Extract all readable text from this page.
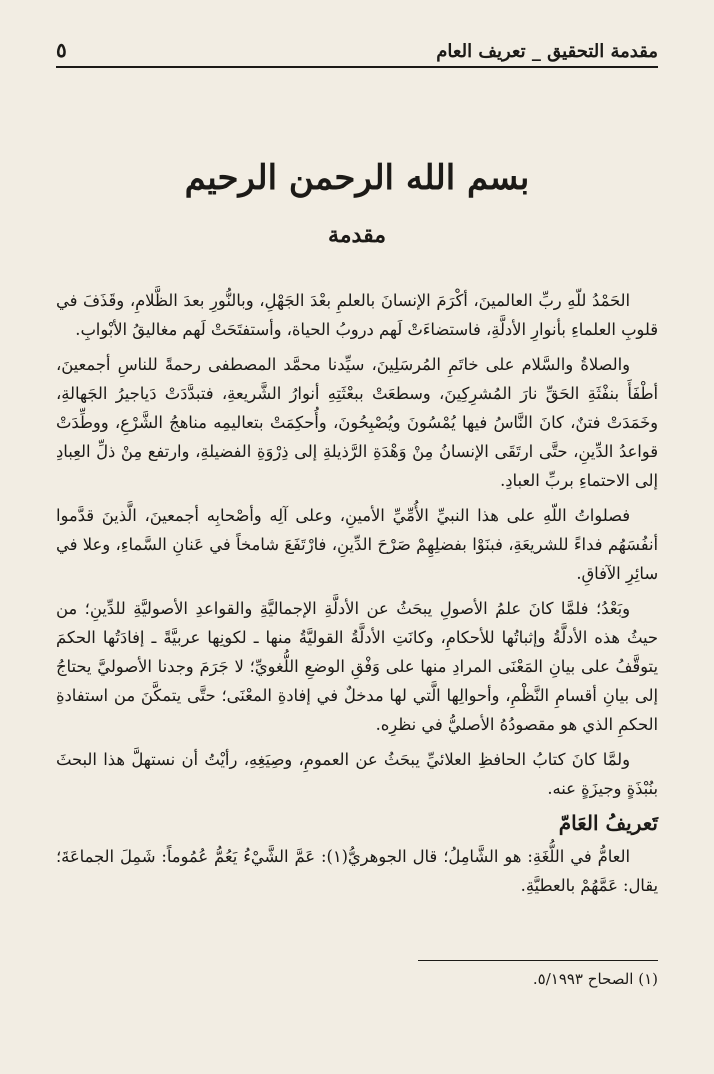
مقدمة التحقيق _ تعريف العام
٥
بسم الله الرحمن الرحيم
مقدمة

الحَمْدُ للّهِ ربِّ العالمينَ، أكْرَمَ الإنسانَ بالعلمِ بعْدَ الجَهْلِ، وبالنُّورِ بعدَ الظَّلامِ، وقَذَفَ في قلوبِ العلماءِ بأنوارِ الأدلَّةِ، فاستضاءَتْ لَهم دروبُ الحياة، وأستفتَحَتْ لَهم مغاليقُ الأبْوابِ.

والصلاةُ والسَّلام على خاتَمِ المُرسَلِينَ، سيِّدنا محمَّد المصطفى رحمةً للناسِ أجمعينَ، أطْفَأَ بنفْثَةِ الحَقِّ نارَ المُشرِكِينَ، وسطعَتْ ببعْثَتِهِ أنوارُ الشَّريعةِ، فتبدَّدَتْ دَياجيرُ الجَهالةِ، وخَمَدَتْ فتنٌ، كانَ النَّاسُ فيها يُمْسُونَ ويُصْبِحُونَ، وأُحكِمَتْ بتعاليمِه مناهجُ الشَّرْعِ، ووطِّدَتْ قواعدُ الدِّينِ، حتَّى ارتَقَى الإنسانُ مِنْ وَهْدَةِ الرَّذيلةِ إلى ذِرْوَةِ الفضيلةِ، وارتفع مِنْ ذلِّ العِبادِ إلى الاحتماءِ بربِّ العبادِ.

فصلواتُ اللّهِ على هذا النبيِّ الأُمِّيِّ الأمينِ، وعلى آلِه وأصْحابِه أجمعينَ، الَّذينَ قدَّموا أنفُسَهُم فداءً للشريعَةِ، فبنَوْا بفضلِهِمْ صَرْحَ الدِّينِ، فارْتَفَعَ شامخاً في عَنانِ السَّماءِ، وعلا في سائِرِ الآفاقِ.

وبَعْدُ؛ فلمَّا كانَ علمُ الأصولِ يبحَثُ عن الأدلَّةِ الإجماليَّةِ والقواعدِ الأصوليَّةِ للدِّينِ؛ من حيثُ هذه الأدلَّةُ وإثباتُها للأحكامِ، وكانَتِ الأدلَّةُ القوليَّةُ منها ـ لكونِها عربيَّةً ـ إفادَتُها الحكمَ يتوقَّفُ على بيانِ المَعْنَى المرادِ منها على وَفْقِ الوضعِ اللُّغويِّ؛ لا جَرَمَ وجدنا الأصوليَّ يحتاجُ إلى بيانِ أقسامِ النَّظْمِ، وأحوالِها الَّتي لها مدخلٌ في إفادةِ المعْنَى؛ حتَّى يتمكَّنَ من استفادةِ الحكمِ الذي هو مقصودُهُ الأصليُّ في نظرِه.

ولمَّا كانَ كتابُ الحافظِ العلائيِّ يبحَثُ عن العمومِ، وصِيَغِهِ، رأيْتُ أن نستهلَّ هذا البحثَ بنُبْذَةٍ وجيزَةٍ عنه.

تَعريفُ العَامّ

العامُّ في اللُّغَةِ: هو الشَّامِلُ؛ قال الجوهريُّ(١): عَمَّ الشَّيْءُ يَعُمُّ عُمُوماً: شَمِلَ الجماعَةَ؛ يقال: عَمَّهُمْ بالعطيَّةِ.

(١) الصحاح ٥/١٩٩٣.
